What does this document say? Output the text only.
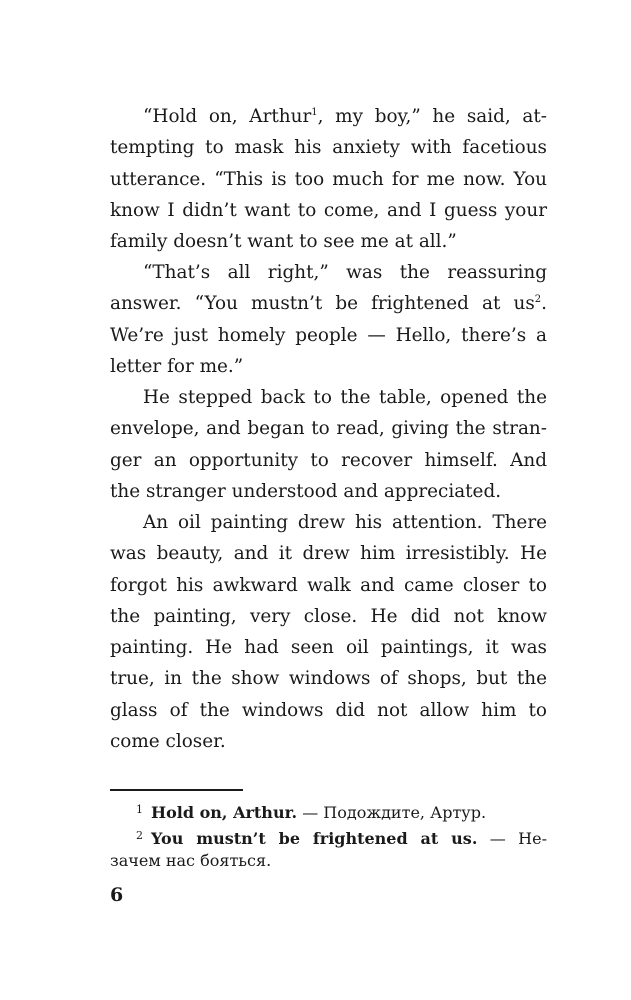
“Hold on, Arthur$^1$, my boy,” he said, at-
tempting to mask his anxiety with facetious
utterance. “This is too much for me now. You
know I didn’t want to come, and I guess your
family doesn’t want to see me at all.”
“That’s all right,” was the reassuring
answer. “You mustn’t be frightened at $us^2$.
We’re just homely people — Hello, there’s a
letter for me.”
He stepped back to the table, opened the
envelope, and began to read, giving the stran-
ger an opportunity to recover himself. And
the stranger understood and appreciated.
An oil painting drew his attention. There
was beauty, and it drew him irresistibly. He
forgot his awkward walk and came closer to
the painting, very close. He did not know
painting. He had seen oil paintings, it was
true, in the show windows of shops, but the
glass of the windows did not allow him to
come closer.
$^1$ Hold on, Arthur. — Подождите, Артур.
$^2$ You mustn’t be frightened at us. — Не-
зачем нас бояться.
6
